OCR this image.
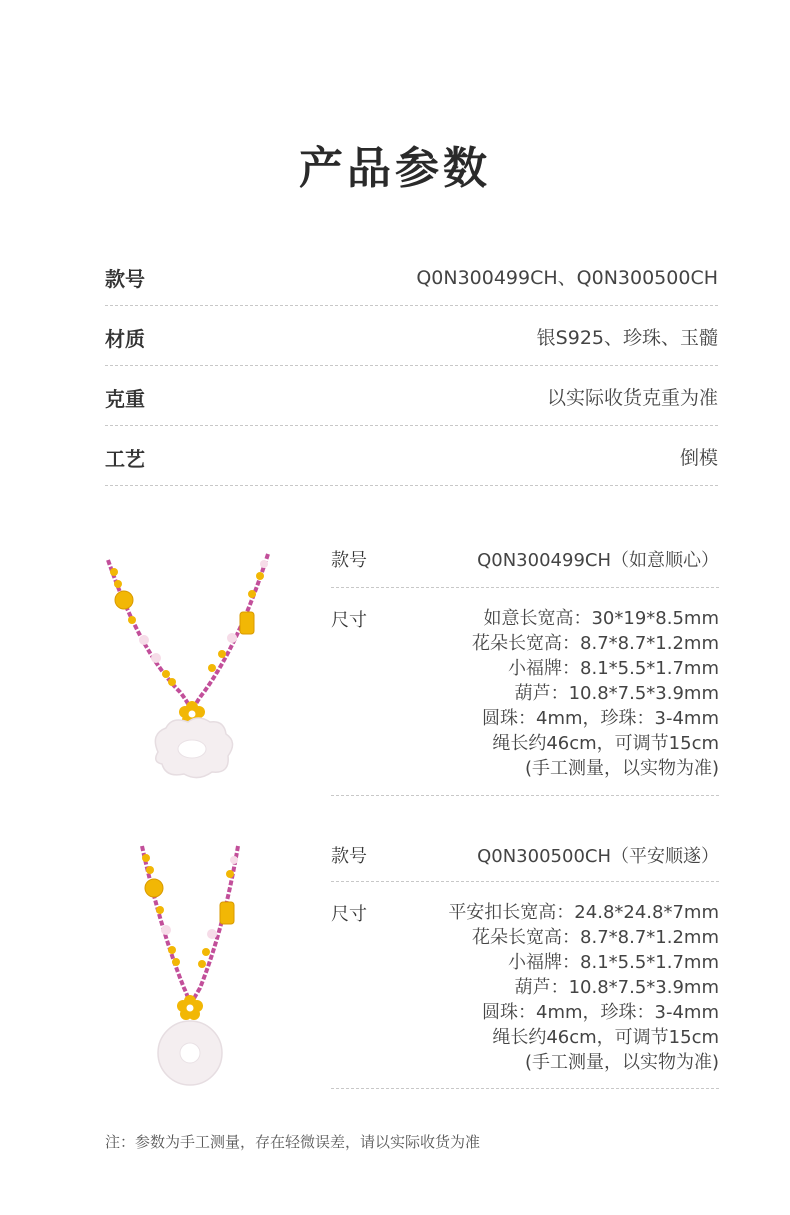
产品参数
款号	Q0N300499CH、Q0N300500CH
材质	银S925、珍珠、玉髓
克重	以实际收货克重为准
工艺	倒模
款号	Q0N300499CH（如意顺心）
尺寸	如意长宽高：30*19*8.5mm
花朵长宽高：8.7*8.7*1.2mm
小福牌：8.1*5.5*1.7mm
葫芦：10.8*7.5*3.9mm
圆珠：4mm，珍珠：3-4mm
绳长约46cm，可调节15cm
(手工测量，以实物为准)
款号	Q0N300500CH（平安顺遂）
尺寸	平安扣长宽高：24.8*24.8*7mm
花朵长宽高：8.7*8.7*1.2mm
小福牌：8.1*5.5*1.7mm
葫芦：10.8*7.5*3.9mm
圆珠：4mm，珍珠：3-4mm
绳长约46cm，可调节15cm
(手工测量，以实物为准)
注：参数为手工测量，存在轻微误差，请以实际收货为准
